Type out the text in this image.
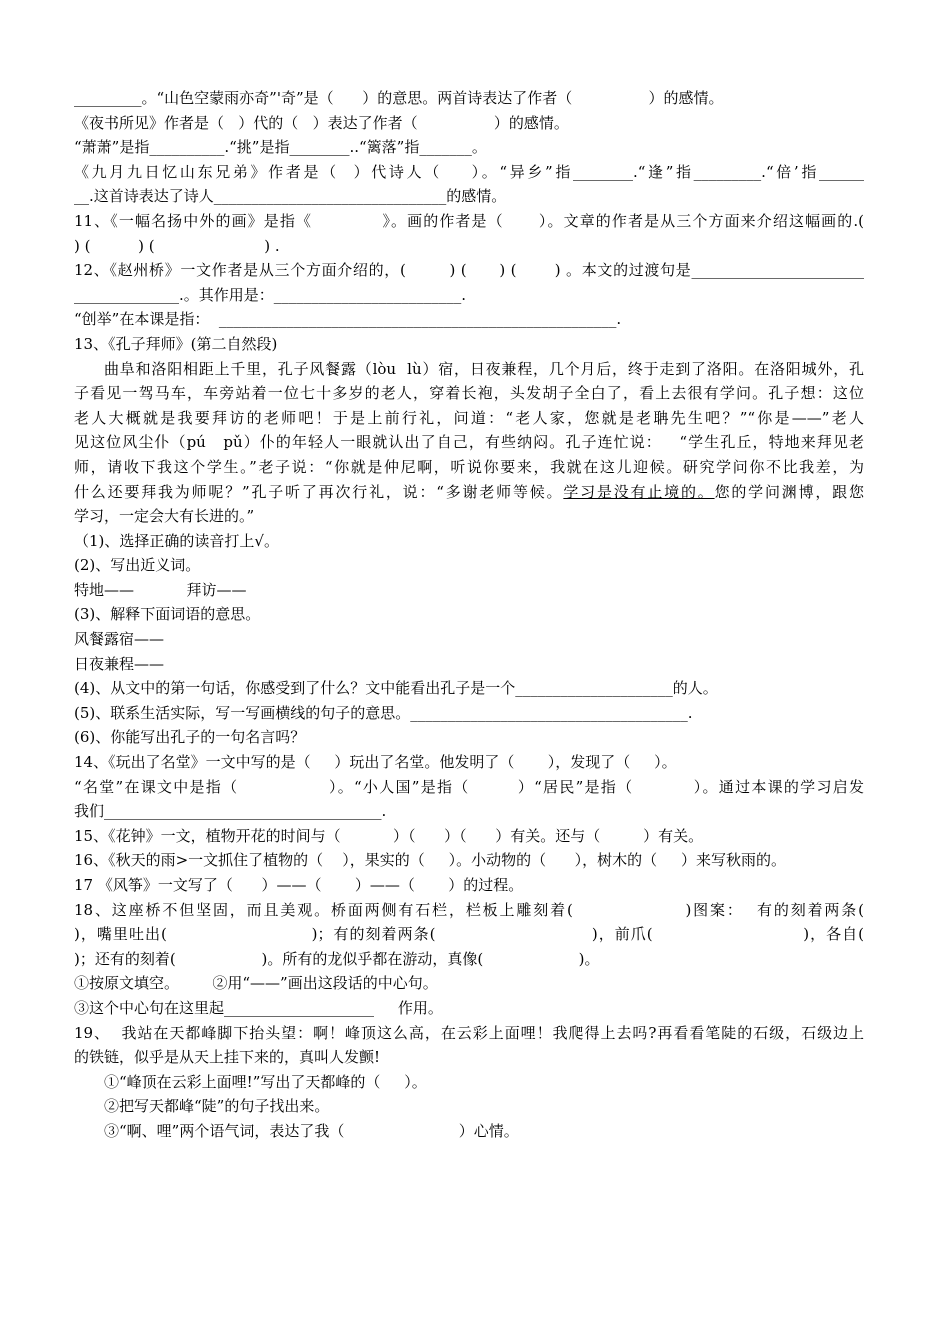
_________。“山色空蒙雨亦奇”'奇”是（      ）的意思。两首诗表达了作者（                ）的感情。
《夜书所见》作者是（   ）代的（   ）表达了作者（                ）的感情。
“萧萧”是指__________.“挑”是指________..“篱落”指_______。
《九月九日忆山东兄弟》作者是（  ）代诗人（    ）。“异乡”指________.“逢”指_________.“倍’指______
__.这首诗表达了诗人_______________________________的感情。
11、《一幅名扬中外的画》是指《            》。画的作者是（      ）。文章的作者是从三个方面来介绍这幅画的.(
) (          ) (                       ) .
12、《赵州桥》一文作者是从三个方面介绍的，(        ) (      ) (       ) 。本文的过渡句是_______________________
______________.。其作用是：_________________________.
“创举”在本课是指：  _____________________________________________________.
13、《孔子拜师》(第二自然段)
曲阜和洛阳相距上千里，孔子风餐露（lòu  lù）宿，日夜兼程，几个月后，终于走到了洛阳。在洛阳城外，孔
子看见一驾马车，车旁站着一位七十多岁的老人，穿着长袍，头发胡子全白了，看上去很有学问。孔子想：这位
老人大概就是我要拜访的老师吧！于是上前行礼，问道：“老人家，您就是老聃先生吧？”“你是——”老人
见这位风尘仆（pú   pǔ）仆的年轻人一眼就认出了自己，有些纳闷。孔子连忙说：   “学生孔丘，特地来拜见老
师，请收下我这个学生。”老子说：“你就是仲尼啊，听说你要来，我就在这儿迎候。研究学问你不比我差，为
什么还要拜我为师呢？”孔子听了再次行礼，说：“多谢老师等候。学习是没有止境的。您的学问渊博，跟您
学习，一定会大有长进的。”
（1)、选择正确的读音打上√。
(2)、写出近义词。
特地——           拜访——
(3)、解释下面词语的意思。
风餐露宿——
日夜兼程——
(4)、从文中的第一句话，你感受到了什么？文中能看出孔子是一个_____________________的人。
(5)、联系生活实际，写一写画横线的句子的意思。_____________________________________.
(6)、你能写出孔子的一句名言吗？
14、《玩出了名堂》一文中写的是（     ）玩出了名堂。他发明了（       ），发现了（     ）。
“名堂”在课文中是指（               ）。“小人国”是指（        ）“居民”是指（          ）。通过本课的学习启发
我们_____________________________________.
15、《花钟》一文，植物开花的时间与（           ）（      ）（      ）有关。还与（         ）有关。
16、《秋天的雨>一文抓住了植物的（    ），果实的（     ）。小动物的（      ），树木的（     ）来写秋雨的。
17 《风筝》一文写了（      ）——（       ）——（       ）的过程。
18、这座桥不但坚固，而且美观。桥面两侧有石栏，栏板上雕刻着(                 )图案：  有的刻着两条(
)，嘴里吐出(                         )；有的刻着两条(                           )，前爪(                          )，各自(
)；还有的刻着(                  )。所有的龙似乎都在游动，真像(                    )。
①按原文填空。       ②用“——”画出这段话的中心句。
③这个中心句在这里起____________________     作用。
19、  我站在天都峰脚下抬头望：啊！峰顶这么高，在云彩上面哩！我爬得上去吗?再看看笔陡的石级，石级边上
的铁链，似乎是从天上挂下来的，真叫人发颤!
①“峰顶在云彩上面哩!”写出了天都峰的（     ）。
②把写天都峰“陡”的句子找出来。
③“啊、哩”两个语气词，表达了我（                        ）心情。
